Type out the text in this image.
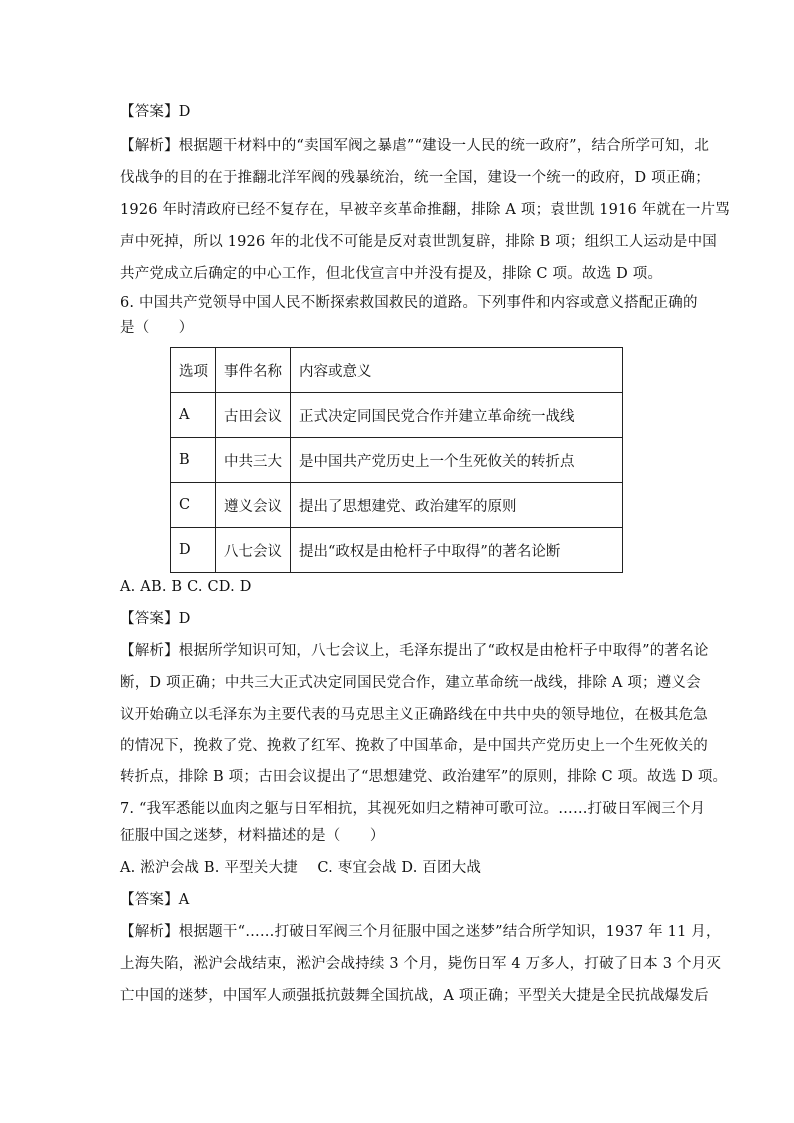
【答案】D
【解析】根据题干材料中的“卖国军阀之暴虐”“建设一人民的统一政府”，结合所学可知，北
伐战争的目的在于推翻北洋军阀的残暴统治，统一全国，建设一个统一的政府，D 项正确；
1926 年时清政府已经不复存在，早被辛亥革命推翻，排除 A 项；袁世凯 1916 年就在一片骂
声中死掉，所以 1926 年的北伐不可能是反对袁世凯复辟，排除 B 项；组织工人运动是中国
共产党成立后确定的中心工作，但北伐宣言中并没有提及，排除 C 项。故选 D 项。
6. 中国共产党领导中国人民不断探索救国救民的道路。下列事件和内容或意义搭配正确的
是（　　）
选项	事件名称	内容或意义
A	古田会议	正式决定同国民党合作并建立革命统一战线
B	中共三大	是中国共产党历史上一个生死攸关的转折点
C	遵义会议	提出了思想建党、政治建军的原则
D	八七会议	提出“政权是由枪杆子中取得”的著名论断
A. AB. B C. CD. D
【答案】D
【解析】根据所学知识可知，八七会议上，毛泽东提出了“政权是由枪杆子中取得”的著名论
断，D 项正确；中共三大正式决定同国民党合作，建立革命统一战线，排除 A 项；遵义会
议开始确立以毛泽东为主要代表的马克思主义正确路线在中共中央的领导地位，在极其危急
的情况下，挽救了党、挽救了红军、挽救了中国革命，是中国共产党历史上一个生死攸关的
转折点，排除 B 项；古田会议提出了“思想建党、政治建军”的原则，排除 C 项。故选 D 项。
7. “我军悉能以血肉之躯与日军相抗，其视死如归之精神可歌可泣。……打破日军阀三个月
征服中国之迷梦，材料描述的是（　　）
A. 淞沪会战 B. 平型关大捷　 C. 枣宜会战 D. 百团大战
【答案】A
【解析】根据题干“……打破日军阀三个月征服中国之迷梦”结合所学知识，1937 年 11 月，
上海失陷，淞沪会战结束，淞沪会战持续 3 个月，毙伤日军 4 万多人，打破了日本 3 个月灭
亡中国的迷梦，中国军人顽强抵抗鼓舞全国抗战，A 项正确；平型关大捷是全民抗战爆发后
